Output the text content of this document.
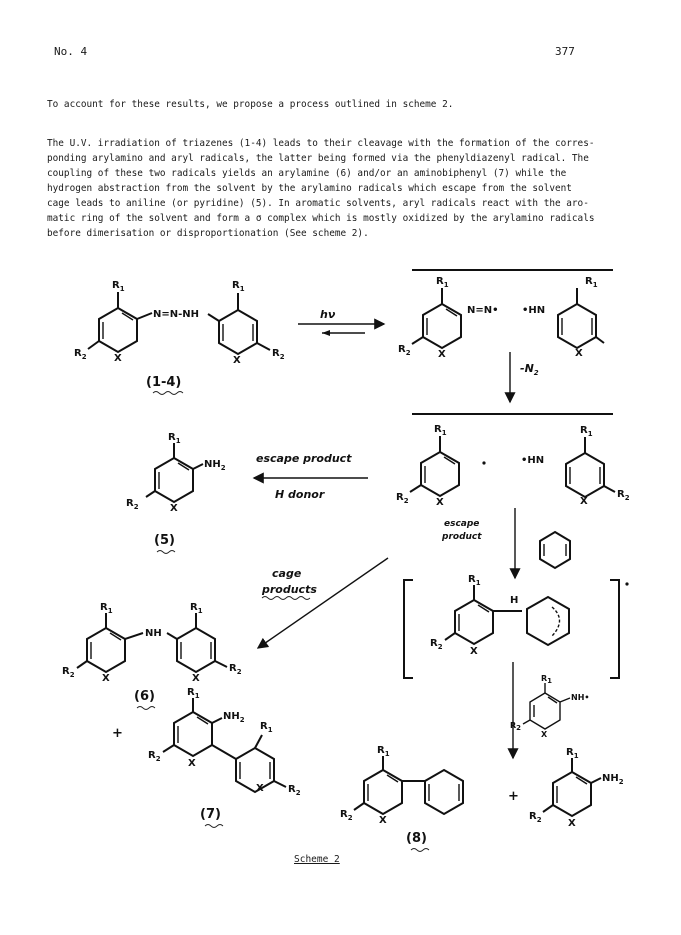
No. 4	377
To account for these results, we propose a process outlined in scheme 2.
The U.V. irradiation of triazenes (1-4) leads to their cleavage with the formation of the corres-
ponding arylamino and aryl radicals, the latter being formed via the phenyldiazenyl radical. The
coupling of these two radicals yields an arylamine (6) and/or an aminobiphenyl (7) while the
hydrogen abstraction from the solvent by the arylamino radicals which escape from the solvent
cage leads to aniline (or pyridine) (5). In aromatic solvents, aryl radicals react with the aro-
matic ring of the solvent and form a σ complex which is mostly oxidized by the arylamino radicals
before dimerisation or disproportionation (See scheme 2).
$R_1$
$R_2$	X
N=N-NH
$R_1$
$R_2$
X
(1-4)
hν
$R_1$
$R_2$	X
N=N• •HN
$R_1$
X
$-N_2$
$R_1$
$R_2$	X
•HN
$R_1$
$R_2$
X
escape product
H donor
$R_1$
$NH_2$
$R_2$	X
(5)
escape
product
cage
products
$R_1$
$R_2$	X
H
R1
NH•
R2
X
$R_1$
$R_2$	X
NH
$R_1$
$R_2$
X
(6)
+
$R_1$
$NH_2$
$R_2$	X
$R_1$
$R_2$
X
(7)
$R_1$
$R_2$	X
(8)
+
$R_1$
$NH_2$
$R_2$	X
Scheme 2
